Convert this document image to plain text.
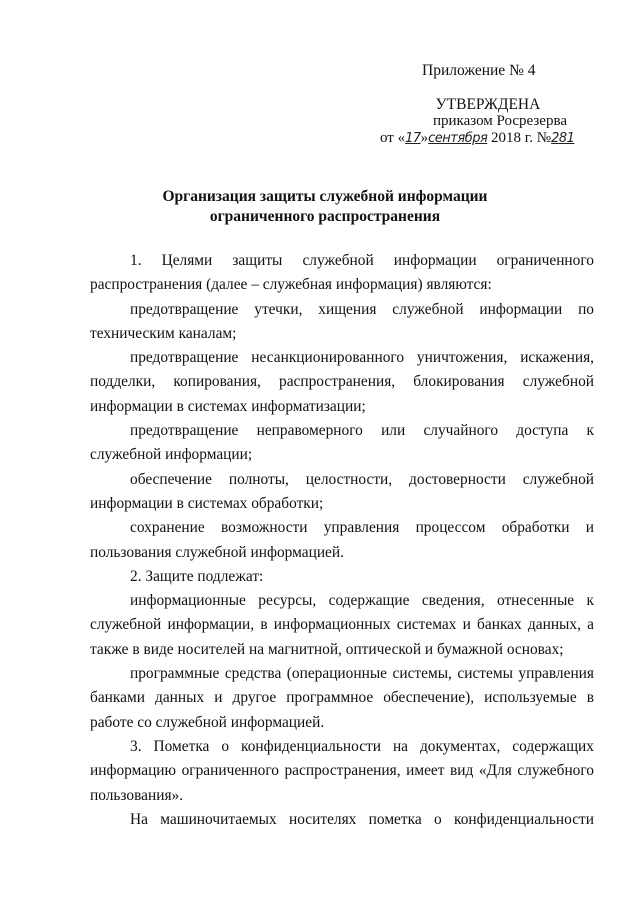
Приложение № 4
УТВЕРЖДЕНА
приказом Росрезерва
от «17»сентября 2018 г. №281
Организация защиты служебной информации
ограниченного распространения

1. Целями защиты служебной информации ограниченного распространения (далее – служебная информация) являются:

предотвращение утечки, хищения служебной информации по техническим каналам;

предотвращение несанкционированного уничтожения, искажения, подделки, копирования, распространения, блокирования служебной информации в системах информатизации;

предотвращение неправомерного или случайного доступа к служебной информации;

обеспечение полноты, целостности, достоверности служебной информации в системах обработки;

сохранение возможности управления процессом обработки и пользования служебной информацией.

2. Защите подлежат:

информационные ресурсы, содержащие сведения, отнесенные к служебной информации, в информационных системах и банках данных, а также в виде носителей на магнитной, оптической и бумажной основах;

программные средства (операционные системы, системы управления банками данных и другое программное обеспечение), используемые в работе со служебной информацией.

3. Пометка о конфиденциальности на документах, содержащих информацию ограниченного распространения, имеет вид «Для служебного пользования».

На машиночитаемых носителях пометка о конфиденциальности
